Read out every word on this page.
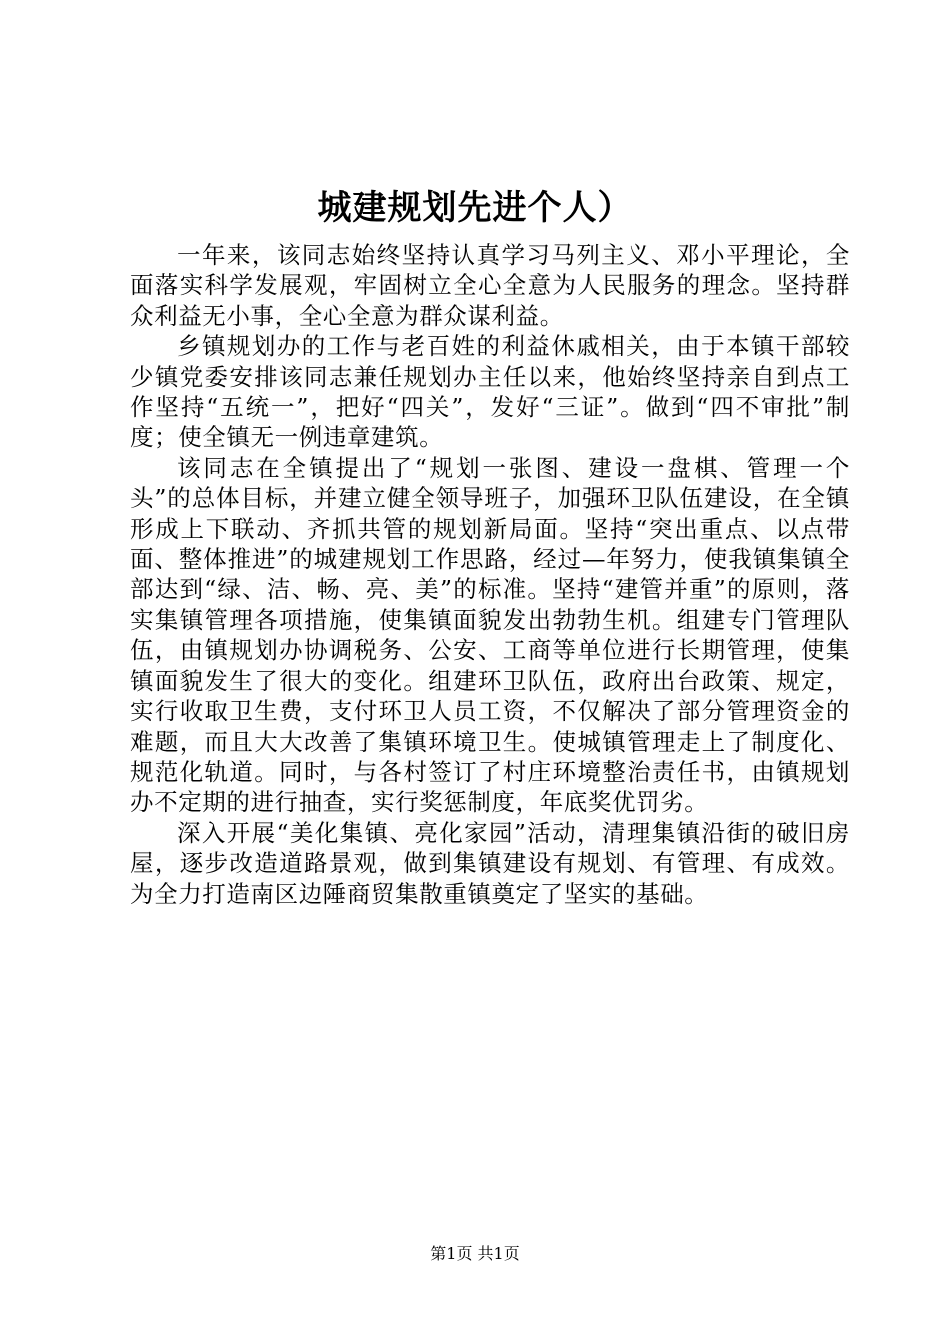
城建规划先进个人）

一年来，该同志始终坚持认真学习马列主义、邓小平理论，全面落实科学发展观，牢固树立全心全意为人民服务的理念。坚持群众利益无小事，全心全意为群众谋利益。

乡镇规划办的工作与老百姓的利益休戚相关，由于本镇干部较少镇党委安排该同志兼任规划办主任以来，他始终坚持亲自到点工作坚持“五统一”，把好“四关”，发好“三证”。做到“四不审批”制度；使全镇无一例违章建筑。

该同志在全镇提出了“规划一张图、建设一盘棋、管理一个头”的总体目标，并建立健全领导班子，加强环卫队伍建设，在全镇形成上下联动、齐抓共管的规划新局面。坚持“突出重点、以点带面、整体推进”的城建规划工作思路，经过—年努力，使我镇集镇全部达到“绿、洁、畅、亮、美”的标准。坚持“建管并重”的原则，落实集镇管理各项措施，使集镇面貌发出勃勃生机。组建专门管理队伍，由镇规划办协调税务、公安、工商等单位进行长期管理，使集镇面貌发生了很大的变化。组建环卫队伍，政府出台政策、规定，实行收取卫生费，支付环卫人员工资，不仅解决了部分管理资金的难题，而且大大改善了集镇环境卫生。使城镇管理走上了制度化、规范化轨道。同时，与各村签订了村庄环境整治责任书，由镇规划办不定期的进行抽查，实行奖惩制度，年底奖优罚劣。

深入开展“美化集镇、亮化家园”活动，清理集镇沿街的破旧房屋，逐步改造道路景观，做到集镇建设有规划、有管理、有成效。为全力打造南区边陲商贸集散重镇奠定了坚实的基础。

第1页 共1页
